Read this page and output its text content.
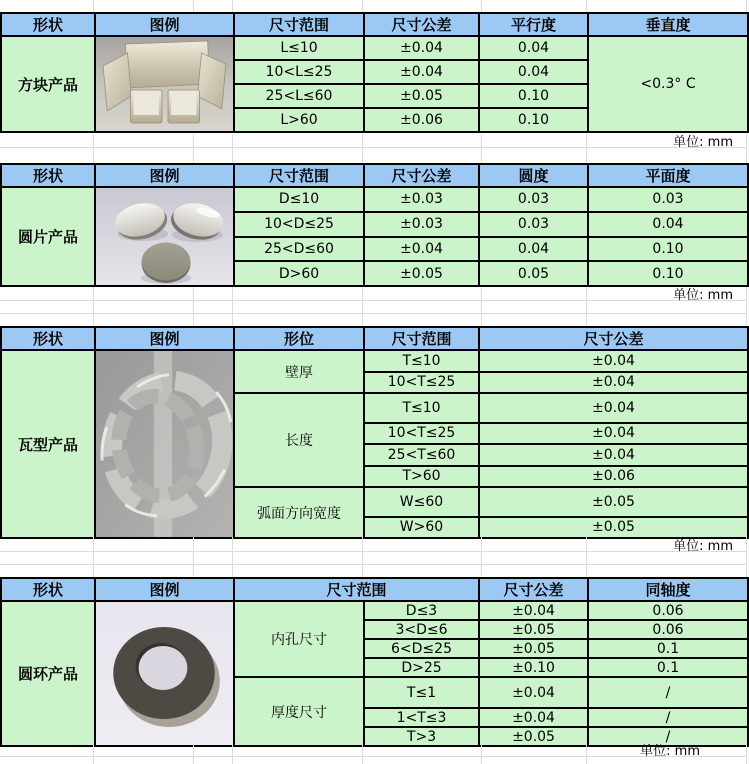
形状	图例	尺寸范围	尺寸公差	平行度	垂直度
方块产品		L≤10	±0.04	0.04	<0.3° C
		10<L≤25	±0.04	0.04	
		25<L≤60	±0.05	0.10	
		L>60	±0.06	0.10	
单位: mm
形状	图例	尺寸范围	尺寸公差	圆度	平面度
圆片产品		D≤10	±0.03	0.03	0.03
		10<D≤25	±0.03	0.03	0.04
		25<D≤60	±0.04	0.04	0.10
		D>60	±0.05	0.05	0.10
单位: mm
形状	图例	形位	尺寸范围	尺寸公差
瓦型产品		壁厚	T≤10	±0.04
			10<T≤25	±0.04
		长度	T≤10	±0.04
			10<T≤25	±0.04
			25<T≤60	±0.04
			T>60	±0.06
		弧面方向宽度	W≤60	±0.05
			W>60	±0.05
单位: mm
形状	图例	尺寸范围		尺寸公差	同轴度
圆环产品		内孔尺寸	D≤3	±0.04	0.06
			3<D≤6	±0.05	0.06
			6<D≤25	±0.05	0.1
			D>25	±0.10	0.1
		厚度尺寸	T≤1	±0.04	/
			1<T≤3	±0.04	/
			T>3	±0.05	/
单位: mm
